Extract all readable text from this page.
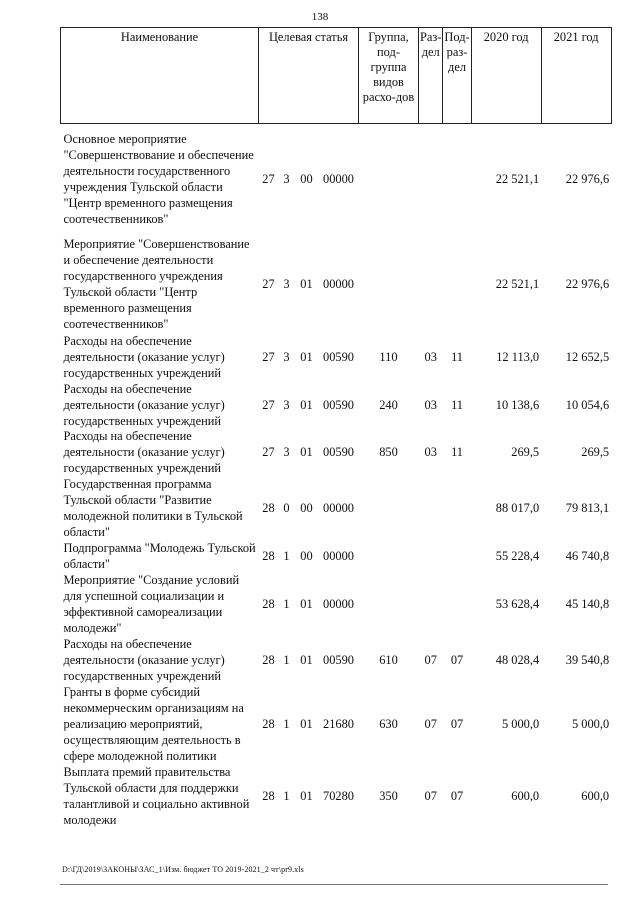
138
Наименование	Целевая статья				Группа, под-группа видов расхо-дов	Раз-дел	Под-раз-дел	2020 год	2021 год
Основное мероприятие "Совершенствование и обеспечение деятельности государственного учреждения Тульской области "Центр временного размещения соотечественников"	27	3	00	00000				22 521,1	22 976,6
Мероприятие "Совершенствование и обеспечение деятельности государственного учреждения Тульской области "Центр временного размещения соотечественников"	27	3	01	00000				22 521,1	22 976,6
Расходы на обеспечение деятельности (оказание услуг) государственных учреждений	27	3	01	00590	110	03	11	12 113,0	12 652,5
Расходы на обеспечение деятельности (оказание услуг) государственных учреждений	27	3	01	00590	240	03	11	10 138,6	10 054,6
Расходы на обеспечение деятельности (оказание услуг) государственных учреждений	27	3	01	00590	850	03	11	269,5	269,5
Государственная программа Тульской области "Развитие молодежной политики в Тульской области"	28	0	00	00000				88 017,0	79 813,1
Подпрограмма "Молодежь Тульской области"	28	1	00	00000				55 228,4	46 740,8
Мероприятие "Создание условий для успешной социализации и эффективной самореализации молодежи"	28	1	01	00000				53 628,4	45 140,8
Расходы на обеспечение деятельности (оказание услуг) государственных учреждений	28	1	01	00590	610	07	07	48 028,4	39 540,8
Гранты в форме субсидий некоммерческим организациям на реализацию мероприятий, осуществляющим деятельность в сфере молодежной политики	28	1	01	21680	630	07	07	5 000,0	5 000,0
Выплата премий правительства Тульской области для поддержки талантливой и социально активной молодежи	28	1	01	70280	350	07	07	600,0	600,0
D:\ГД\2019\ЗАКОНЫ\ЗАС_1\Изм. бюджет ТО 2019-2021_2 чт\pr9.xls
